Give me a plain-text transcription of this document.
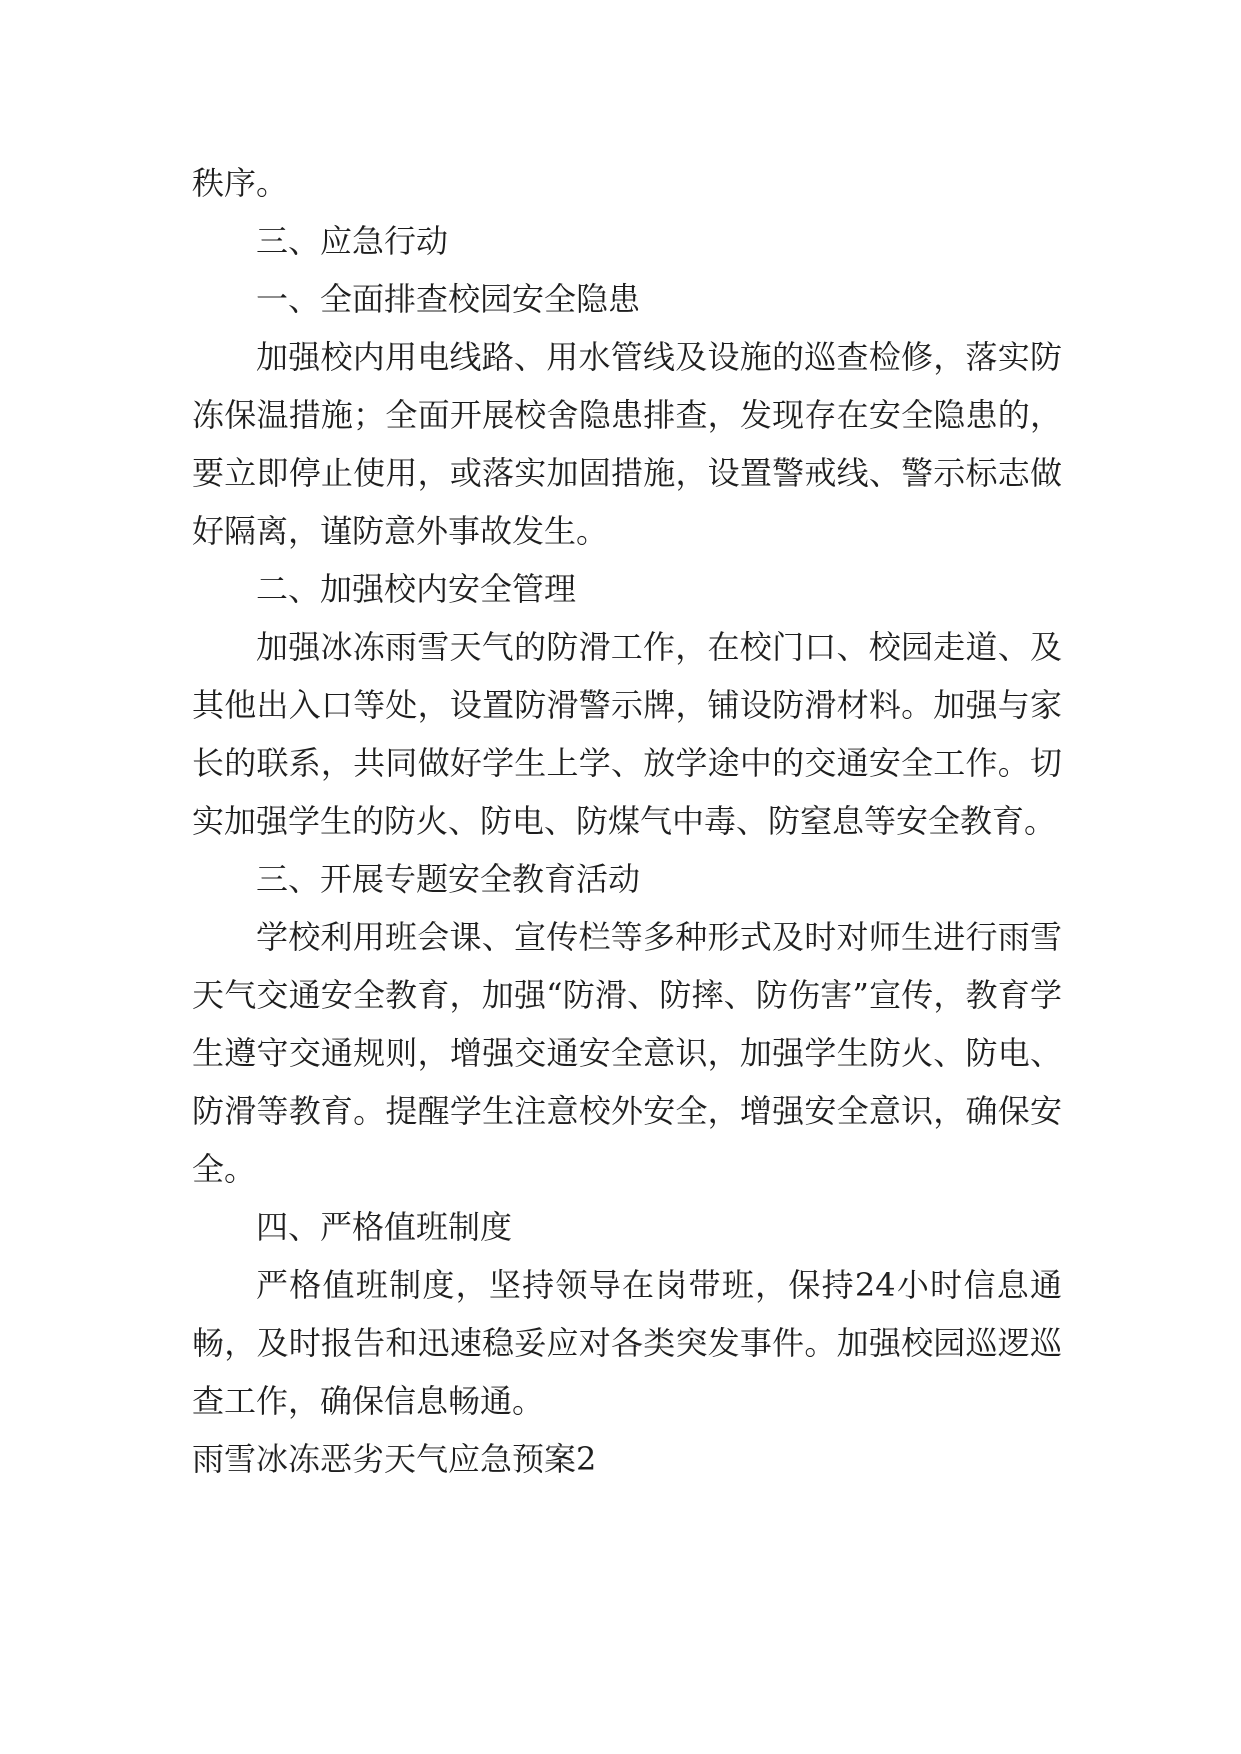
秩序。

三、应急行动

一、全面排查校园安全隐患

加强校内用电线路、用水管线及设施的巡查检修，落实防冻保温措施；全面开展校舍隐患排查，发现存在安全隐患的，要立即停止使用，或落实加固措施，设置警戒线、警示标志做好隔离，谨防意外事故发生。

二、加强校内安全管理

加强冰冻雨雪天气的防滑工作，在校门口、校园走道、及其他出入口等处，设置防滑警示牌，铺设防滑材料。加强与家长的联系，共同做好学生上学、放学途中的交通安全工作。切实加强学生的防火、防电、防煤气中毒、防窒息等安全教育。

三、开展专题安全教育活动

学校利用班会课、宣传栏等多种形式及时对师生进行雨雪天气交通安全教育，加强“防滑、防摔、防伤害”宣传，教育学生遵守交通规则，增强交通安全意识，加强学生防火、防电、防滑等教育。提醒学生注意校外安全，增强安全意识，确保安全。

四、严格值班制度

严格值班制度，坚持领导在岗带班，保持24小时信息通畅，及时报告和迅速稳妥应对各类突发事件。加强校园巡逻巡查工作，确保信息畅通。

雨雪冰冻恶劣天气应急预案2
